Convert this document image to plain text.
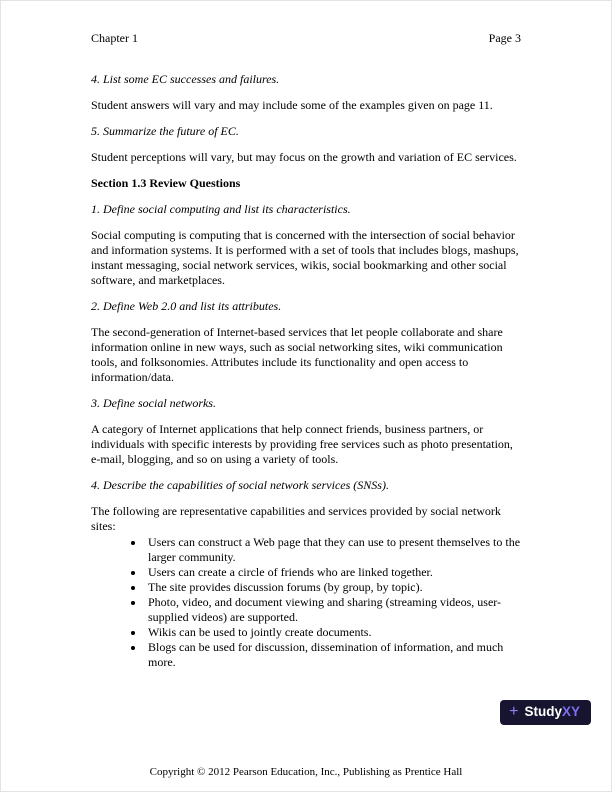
Chapter 1	Page 3

4. List some EC successes and failures.

Student answers will vary and may include some of the examples given on page 11.

5. Summarize the future of EC.

Student perceptions will vary, but may focus on the growth and variation of EC services.

Section 1.3 Review Questions

1. Define social computing and list its characteristics.

Social computing is computing that is concerned with the intersection of social behavior and information systems. It is performed with a set of tools that includes blogs, mashups, instant messaging, social network services, wikis, social bookmarking and other social software, and marketplaces.

2. Define Web 2.0 and list its attributes.

The second-generation of Internet-based services that let people collaborate and share information online in new ways, such as social networking sites, wiki communication tools, and folksonomies. Attributes include its functionality and open access to information/data.

3. Define social networks.

A category of Internet applications that help connect friends, business partners, or individuals with specific interests by providing free services such as photo presentation, e-mail, blogging, and so on using a variety of tools.

4. Describe the capabilities of social network services (SNSs).

The following are representative capabilities and services provided by social network sites:

• Users can construct a Web page that they can use to present themselves to the larger community.
• Users can create a circle of friends who are linked together.
• The site provides discussion forums (by group, by topic).
• Photo, video, and document viewing and sharing (streaming videos, user-supplied videos) are supported.
• Wikis can be used to jointly create documents.
• Blogs can be used for discussion, dissemination of information, and much more.
+ StudyXY
Copyright © 2012 Pearson Education, Inc., Publishing as Prentice Hall
